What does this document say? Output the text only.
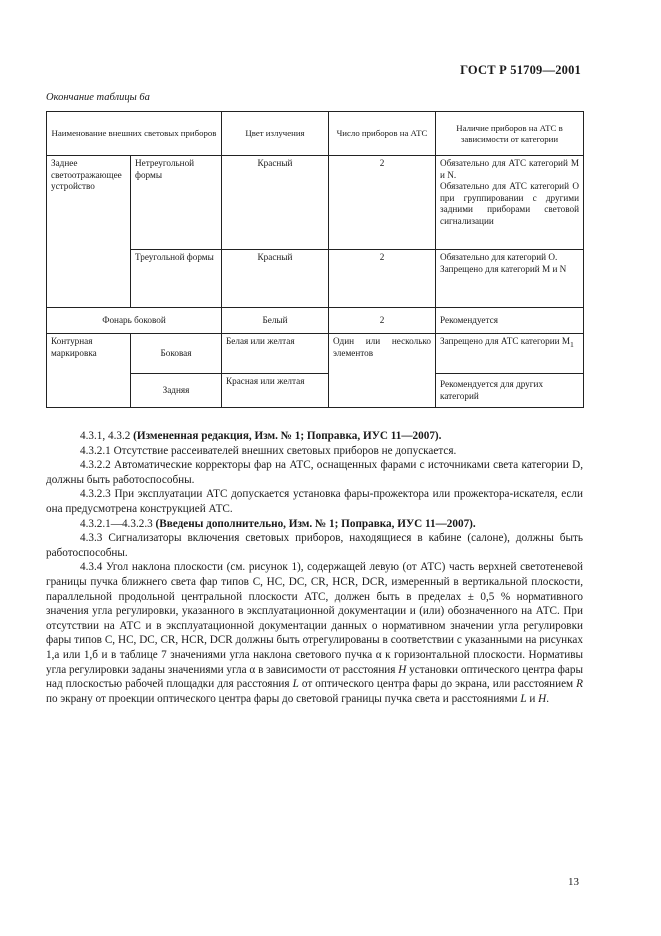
ГОСТ Р 51709—2001
Окончание таблицы 6а
Наименование внешних световых приборов		Цвет излучения	Число приборов на АТС	Наличие приборов на АТС в зависимости от категории
Заднее светоотражающее устройство	Нетреугольной формы	Красный	2	Обязательно для АТС категорий М и N.
Обязательно для АТС категорий О при группировании с другими задними приборами световой сигнализации

	Треугольной формы	Красный	2	Обязательно для категорий О.
Запрещено для категорий М и N

Фонарь боковой		Белый	2	Рекомендуется
Контурная маркировка	Боковая	Белая или желтая	Один или несколько элементов	Запрещено для АТС категории $М_1$
	Задняя	Красная или желтая		Рекомендуется для других категорий

4.3.1, 4.3.2 (Измененная редакция, Изм. № 1; Поправка, ИУС 11—2007).

4.3.2.1 Отсутствие рассеивателей внешних световых приборов не допускается.

4.3.2.2 Автоматические корректоры фар на АТС, оснащенных фарами с источниками света категории D, должны быть работоспособны.

4.3.2.3 При эксплуатации АТС допускается установка фары-прожектора или прожектора-искателя, если она предусмотрена конструкцией АТС.

4.3.2.1—4.3.2.3 (Введены дополнительно, Изм. № 1; Поправка, ИУС 11—2007).

4.3.3 Сигнализаторы включения световых приборов, находящиеся в кабине (салоне), должны быть работоспособны.

4.3.4 Угол наклона плоскости (см. рисунок 1), содержащей левую (от АТС) часть верхней светотеневой границы пучка ближнего света фар типов С, НС, DC, CR, HCR, DCR, измеренный в вертикальной плоскости, параллельной продольной центральной плоскости АТС, должен быть в пределах ± 0,5 % нормативного значения угла регулировки, указанного в эксплуатационной документации и (или) обозначенного на АТС. При отсутствии на АТС и в эксплуатационной документации данных о нормативном значении угла регулировки фары типов С, НС, DC, CR, HCR, DCR должны быть отрегулированы в соответствии с указанными на рисунках 1,а или 1,б и в таблице 7 значениями угла наклона светового пучка α к горизонтальной плоскости. Нормативы угла регулировки заданы значениями угла α в зависимости от расстояния Н установки оптического центра фары над плоскостью рабочей площадки для расстояния L от оптического центра фары до экрана, или расстоянием R по экрану от проекции оптического центра фары до световой границы пучка света и расстояниями L и Н.

13
